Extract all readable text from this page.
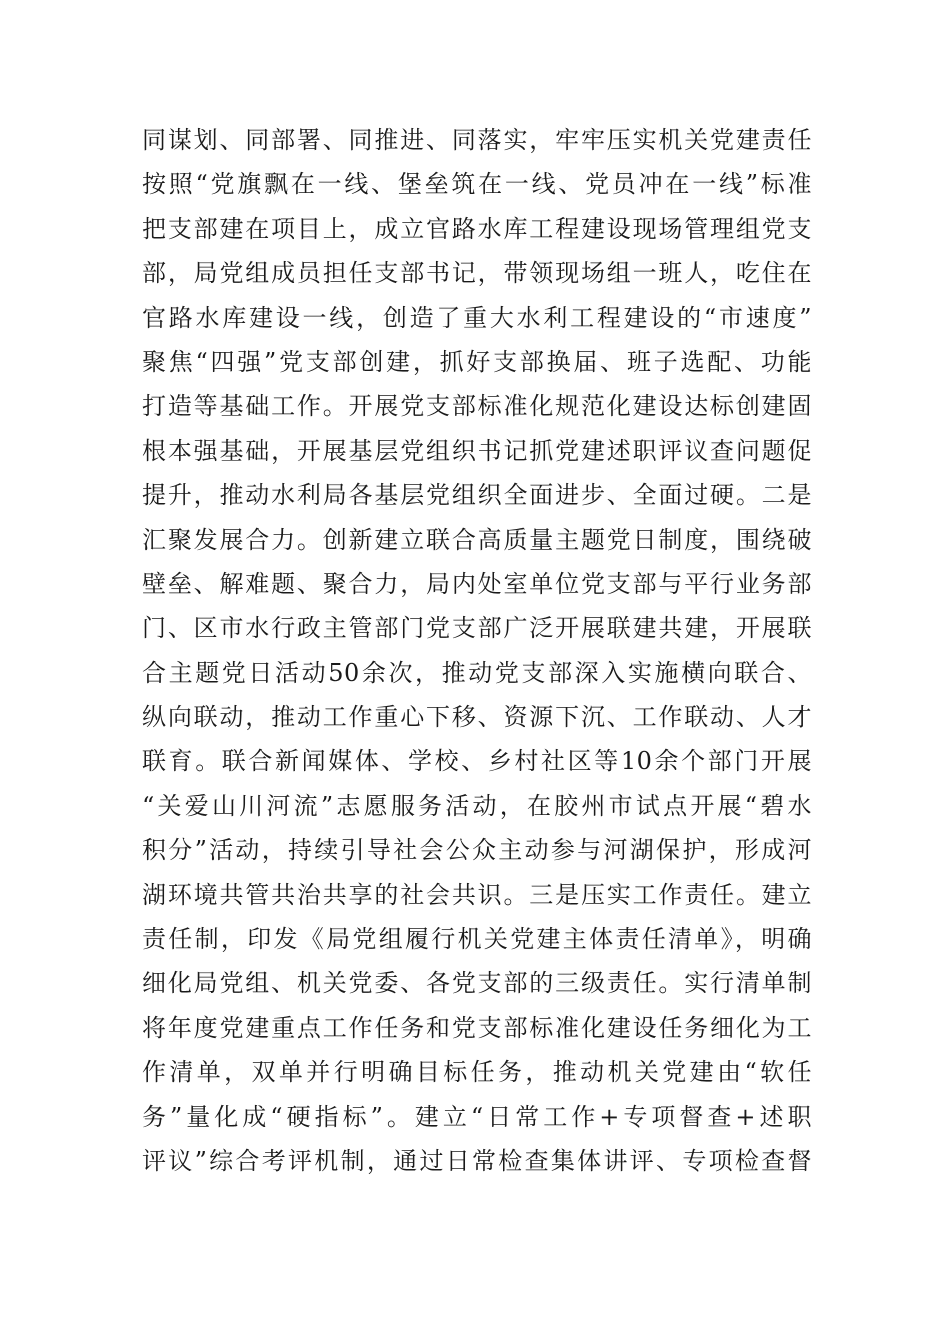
同谋划、同部署、同推进、同落实，牢牢压实机关党建责任
按照“党旗飘在一线、堡垒筑在一线、党员冲在一线”标准
把支部建在项目上，成立官路水库工程建设现场管理组党支
部，局党组成员担任支部书记，带领现场组一班人，吃住在
官路水库建设一线，创造了重大水利工程建设的“市速度”
聚焦“四强”党支部创建，抓好支部换届、班子选配、功能
打造等基础工作。开展党支部标准化规范化建设达标创建固
根本强基础，开展基层党组织书记抓党建述职评议查问题促
提升，推动水利局各基层党组织全面进步、全面过硬。二是
汇聚发展合力。创新建立联合高质量主题党日制度，围绕破
壁垒、解难题、聚合力，局内处室单位党支部与平行业务部
门、区市水行政主管部门党支部广泛开展联建共建，开展联
合主题党日活动50余次，推动党支部深入实施横向联合、
纵向联动，推动工作重心下移、资源下沉、工作联动、人才
联育。联合新闻媒体、学校、乡村社区等10余个部门开展
“关爱山川河流”志愿服务活动，在胶州市试点开展“碧水
积分”活动，持续引导社会公众主动参与河湖保护，形成河
湖环境共管共治共享的社会共识。三是压实工作责任。建立
责任制，印发《局党组履行机关党建主体责任清单》，明确
细化局党组、机关党委、各党支部的三级责任。实行清单制
将年度党建重点工作任务和党支部标准化建设任务细化为工
作清单，双单并行明确目标任务，推动机关党建由“软任
务”量化成“硬指标”。建立“日常工作+专项督查+述职
评议”综合考评机制，通过日常检查集体讲评、专项检查督
